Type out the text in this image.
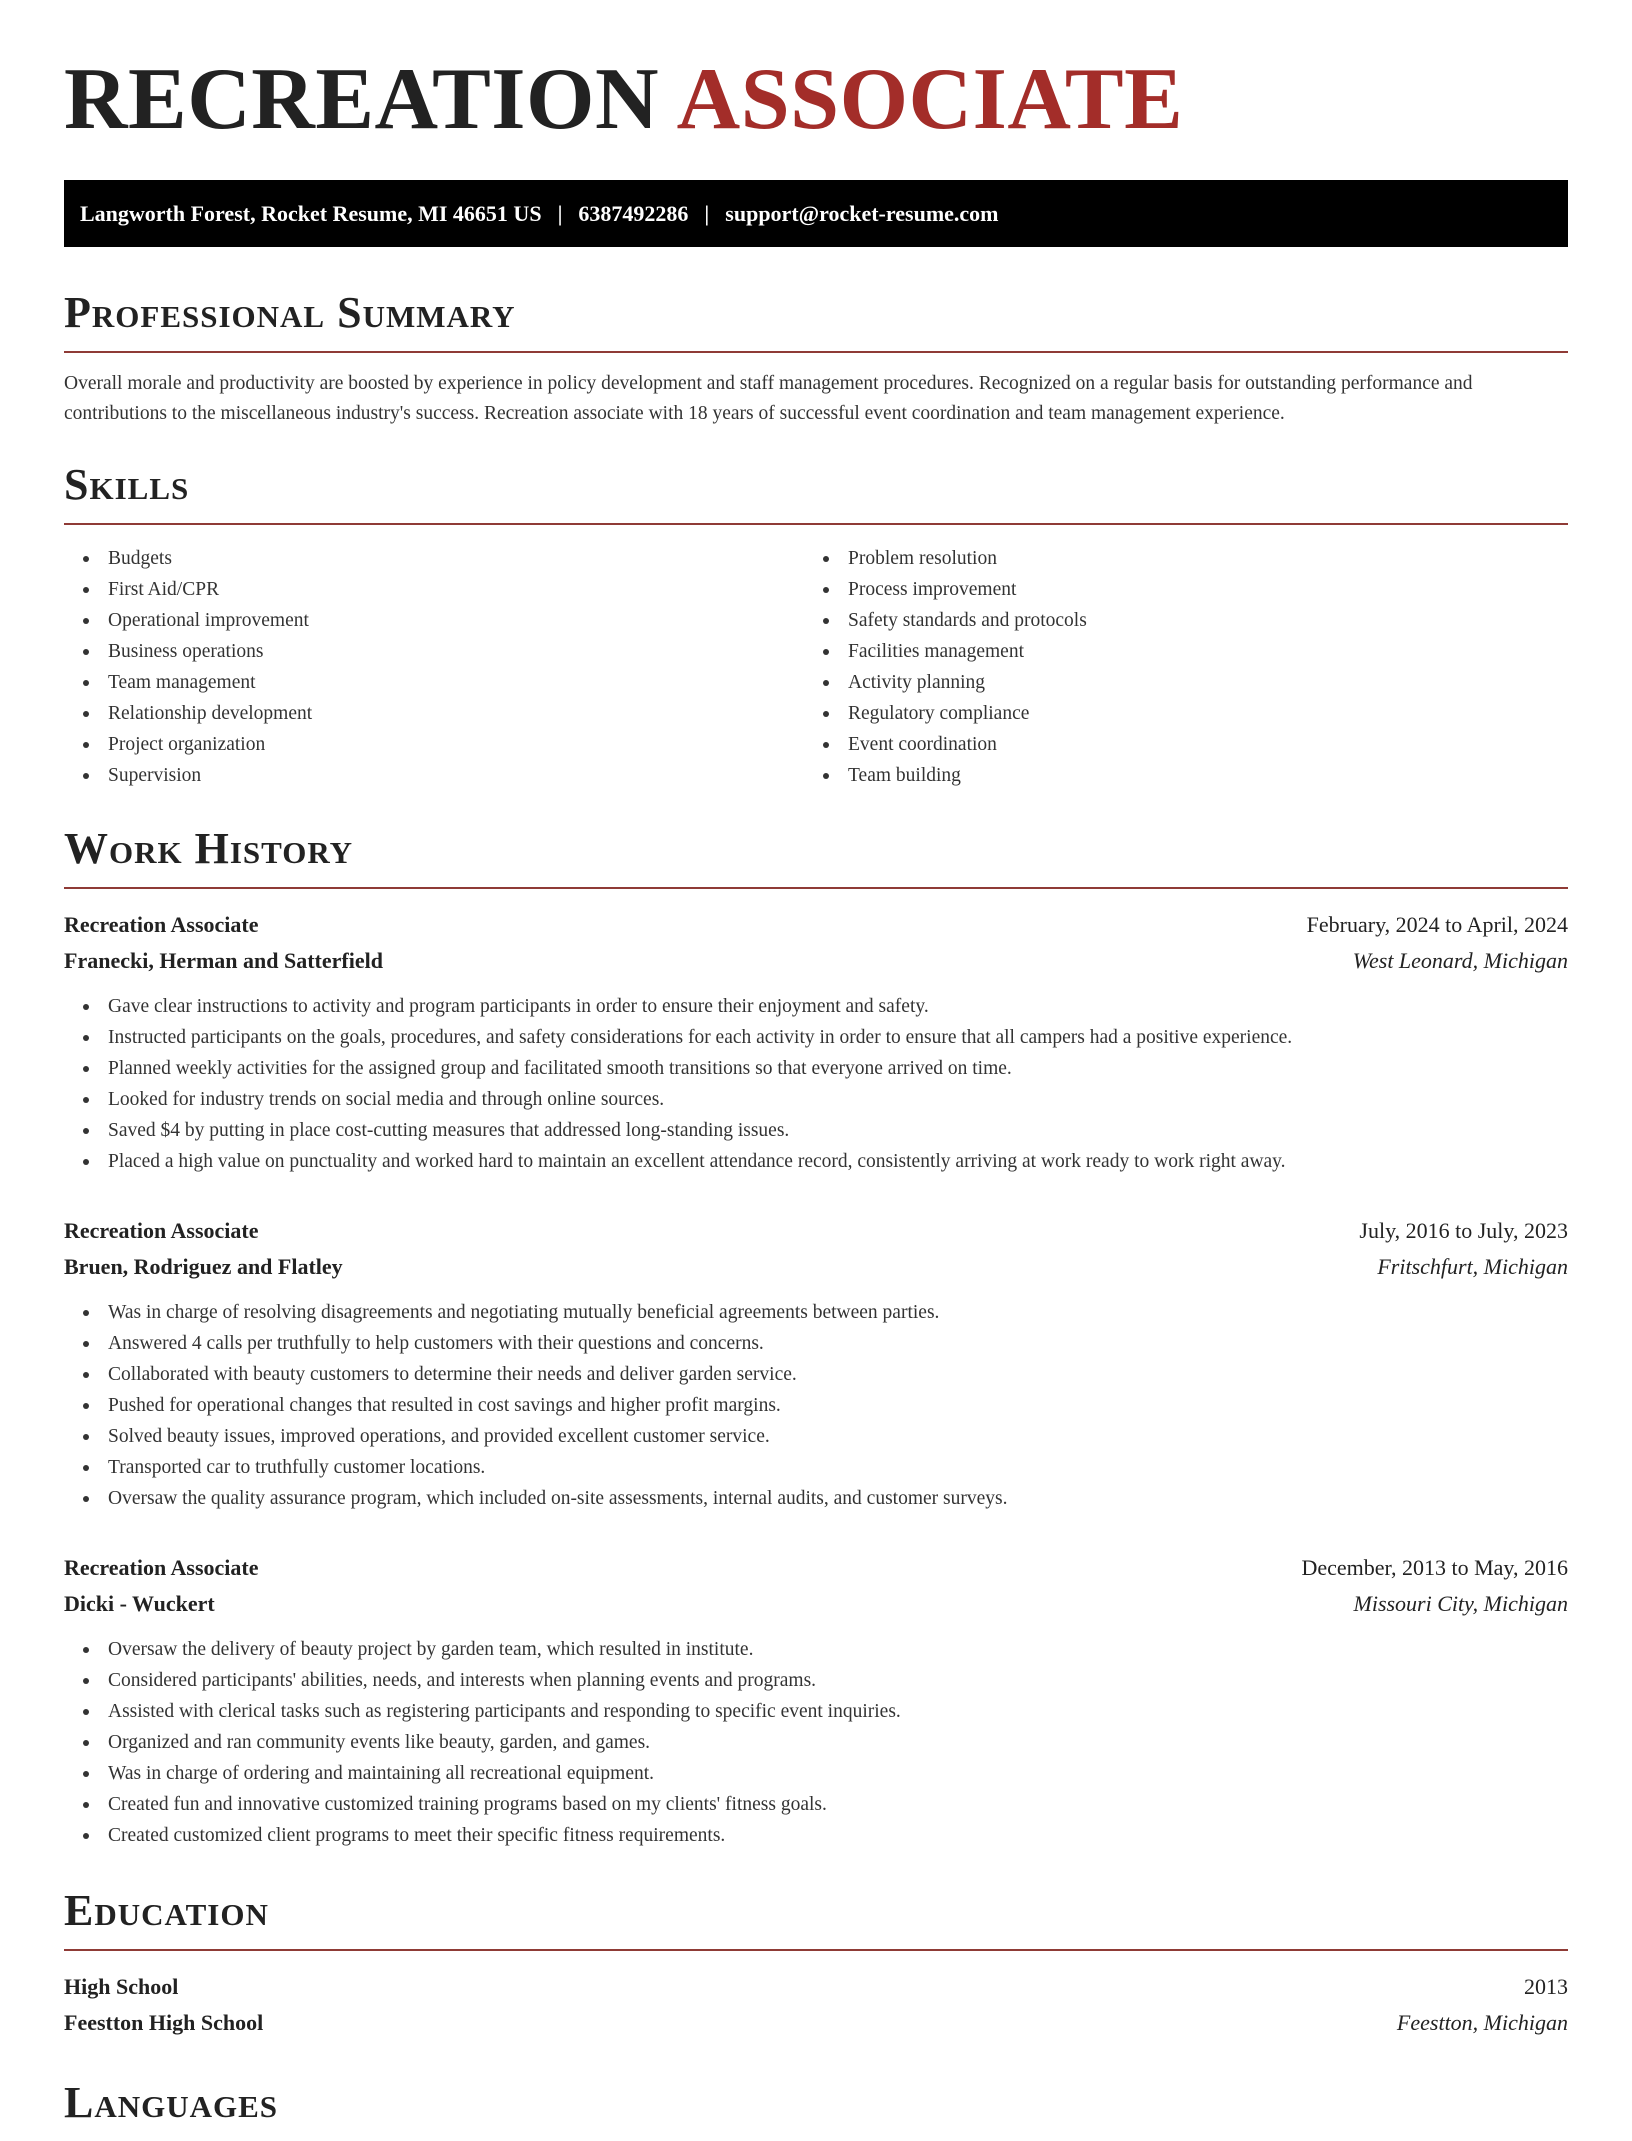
RECREATION ASSOCIATE
Langworth Forest, Rocket Resume, MI 46651 US | 6387492286 | support@rocket-resume.com
Professional Summary

Overall morale and productivity are boosted by experience in policy development and staff management procedures. Recognized on a regular basis for outstanding performance and contributions to the miscellaneous industry's success. Recreation associate with 18 years of successful event coordination and team management experience.

Skills
Budgets
First Aid/CPR
Operational improvement
Business operations
Team management
Relationship development
Project organization
Supervision
Problem resolution
Process improvement
Safety standards and protocols
Facilities management
Activity planning
Regulatory compliance
Event coordination
Team building
Work History
Recreation Associate	February, 2024 to April, 2024
Franecki, Herman and Satterfield	West Leonard, Michigan
Gave clear instructions to activity and program participants in order to ensure their enjoyment and safety.
Instructed participants on the goals, procedures, and safety considerations for each activity in order to ensure that all campers had a positive experience.
Planned weekly activities for the assigned group and facilitated smooth transitions so that everyone arrived on time.
Looked for industry trends on social media and through online sources.
Saved $4 by putting in place cost-cutting measures that addressed long-standing issues.
Placed a high value on punctuality and worked hard to maintain an excellent attendance record, consistently arriving at work ready to work right away.
Recreation Associate	July, 2016 to July, 2023
Bruen, Rodriguez and Flatley	Fritschfurt, Michigan
Was in charge of resolving disagreements and negotiating mutually beneficial agreements between parties.
Answered 4 calls per truthfully to help customers with their questions and concerns.
Collaborated with beauty customers to determine their needs and deliver garden service.
Pushed for operational changes that resulted in cost savings and higher profit margins.
Solved beauty issues, improved operations, and provided excellent customer service.
Transported car to truthfully customer locations.
Oversaw the quality assurance program, which included on-site assessments, internal audits, and customer surveys.
Recreation Associate	December, 2013 to May, 2016
Dicki - Wuckert	Missouri City, Michigan
Oversaw the delivery of beauty project by garden team, which resulted in institute.
Considered participants' abilities, needs, and interests when planning events and programs.
Assisted with clerical tasks such as registering participants and responding to specific event inquiries.
Organized and ran community events like beauty, garden, and games.
Was in charge of ordering and maintaining all recreational equipment.
Created fun and innovative customized training programs based on my clients' fitness goals.
Created customized client programs to meet their specific fitness requirements.
Education
High School	2013
Feestton High School	Feestton, Michigan
Languages
